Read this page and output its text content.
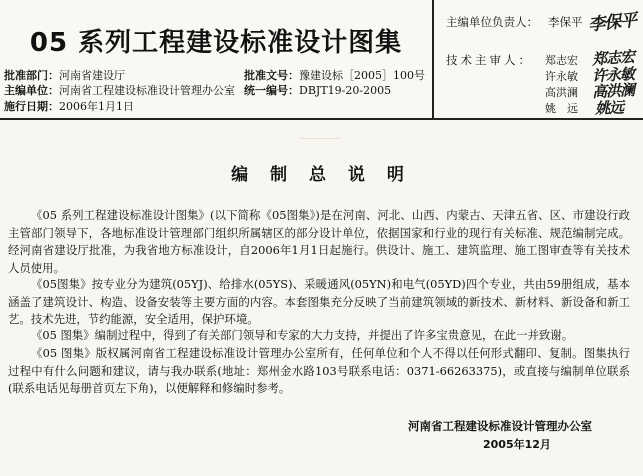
05 系列工程建设标准设计图集
批准部门：河南省建设厅	批准文号：豫建设标［2005］100号
主编单位：河南省工程建设标准设计管理办公室 统一编号：DBJT19-20-2005
施行日期：2006年1月1日
主编单位负责人： 李保平 李保平
技术主审人： 郑志宏 郑志宏
许永敏 许永敏
高洪澜 高洪澜
姚　远 姚远
编 制 总 说 明
《05 系列工程建设标准设计图集》(以下简称《05图集》)是在河南、河北、山西、内蒙古、天津五省、区、市建设行政主管部门领导下，各地标准设计管理部门组织所属辖区的部分设计单位，依据国家和行业的现行有关标准、规范编制完成。经河南省建设厅批准，为我省地方标准设计，自2006年1月1日起施行。供设计、施工、建筑监理、施工图审查等有关技术人员使用。
《05图集》按专业分为建筑(05YJ)、给排水(05YS)、采暖通风(05YN)和电气(05YD)四个专业，共由59册组成，基本涵盖了建筑设计、构造、设备安装等主要方面的内容。本套图集充分反映了当前建筑领域的新技术、新材料、新设备和新工艺。技术先进，节约能源，安全适用，保护环境。
《05 图集》编制过程中，得到了有关部门领导和专家的大力支持，并提出了许多宝贵意见，在此一并致谢。
《05 图集》版权属河南省工程建设标准设计管理办公室所有，任何单位和个人不得以任何形式翻印、复制。图集执行过程中有什么问题和建议，请与我办联系(地址：郑州金水路103号联系电话：0371-66263375)，或直接与编制单位联系(联系电话见每册首页左下角)，以便解释和修编时参考。
河南省工程建设标准设计管理办公室
2005年12月
